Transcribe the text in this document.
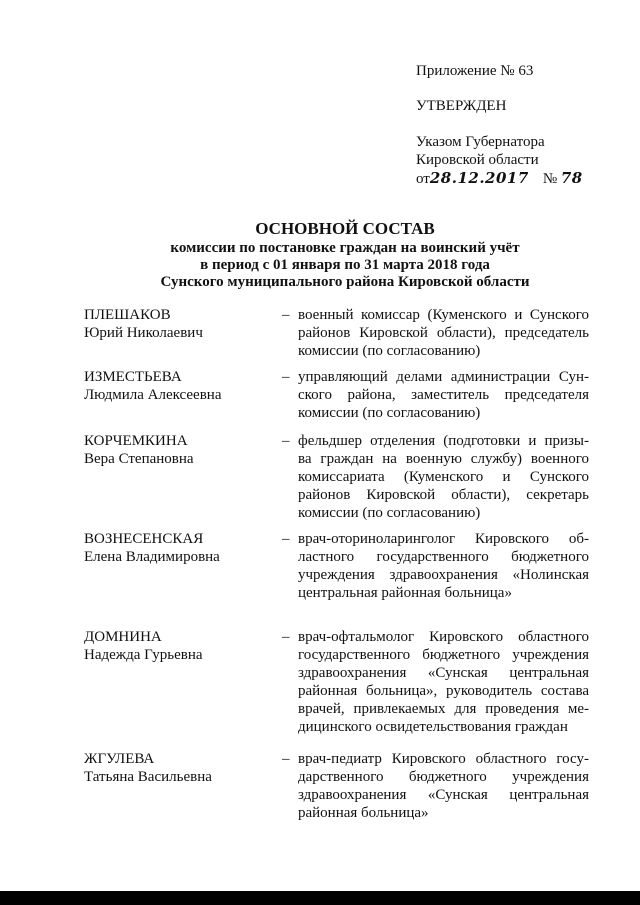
Приложение № 63
УТВЕРЖДЕН
Указом Губернатора
Кировской области
от28.12.2017 № 78
ОСНОВНОЙ СОСТАВ
комиссии по постановке граждан на воинский учёт
в период с 01 января по 31 марта 2018 года
Сунского муниципального района Кировской области
ПЛЕШАКОВ
Юрий Николаевич
– военный комиссар (Куменского и Сунского
районов Кировской области), председатель
комиссии (по согласованию)
ИЗМЕСТЬЕВА
Людмила Алексеевна
– управляющий делами администрации Сун-
ского района, заместитель председателя
комиссии (по согласованию)
КОРЧЕМКИНА
Вера Степановна
– фельдшер отделения (подготовки и призы-
ва граждан на военную службу) военного
комиссариата (Куменского и Сунского
районов Кировской области), секретарь
комиссии (по согласованию)
ВОЗНЕСЕНСКАЯ
Елена Владимировна
– врач-оториноларинголог Кировского об-
ластного государственного бюджетного
учреждения здравоохранения «Нолинская
центральная районная больница»
ДОМНИНА
Надежда Гурьевна
– врач-офтальмолог Кировского областного
государственного бюджетного учреждения
здравоохранения «Сунская центральная
районная больница», руководитель состава
врачей, привлекаемых для проведения ме-
дицинского освидетельствования граждан
ЖГУЛЕВА
Татьяна Васильевна
– врач-педиатр Кировского областного госу-
дарственного бюджетного учреждения
здравоохранения «Сунская центральная
районная больница»
